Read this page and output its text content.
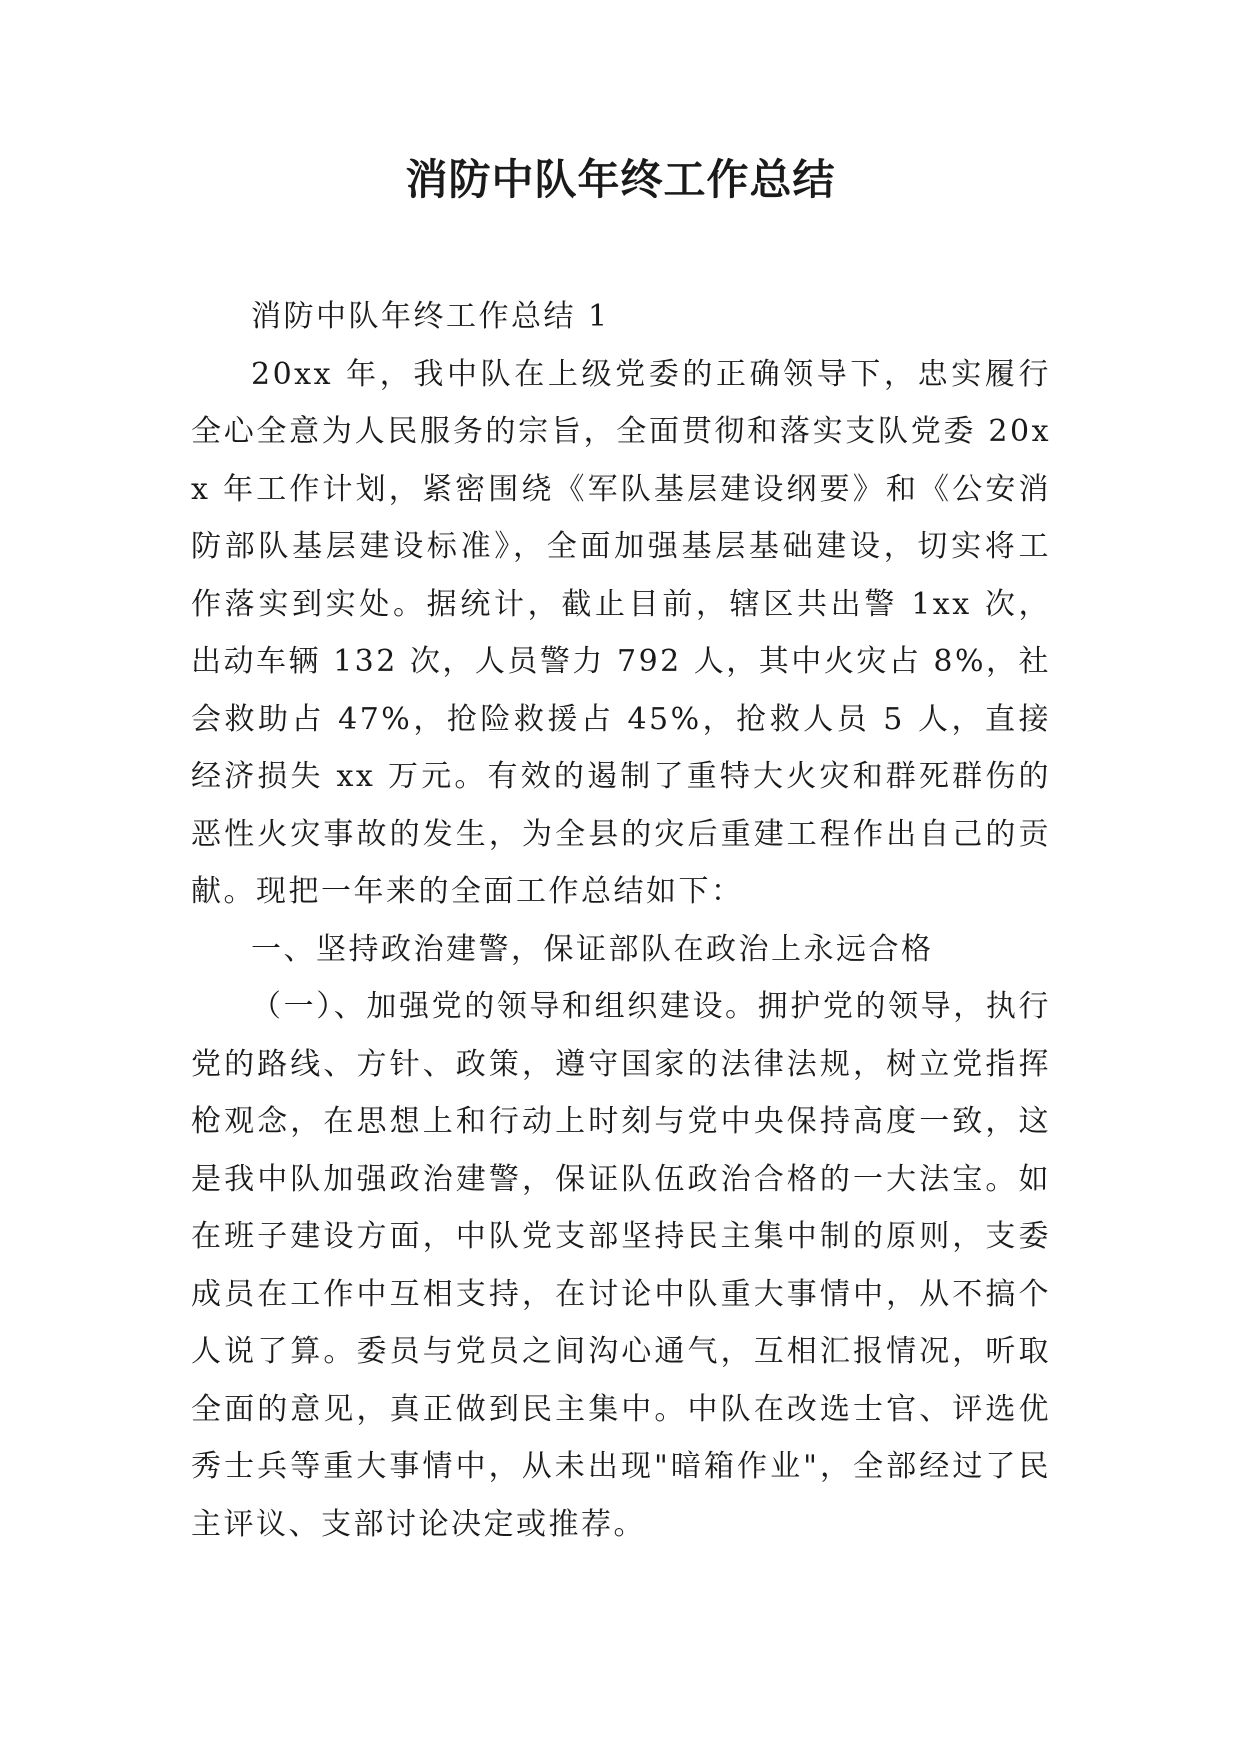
消防中队年终工作总结

消防中队年终工作总结 1

20xx 年，我中队在上级党委的正确领导下，忠实履行全心全意为人民服务的宗旨，全面贯彻和落实支队党委 20xx 年工作计划，紧密围绕《军队基层建设纲要》和《公安消防部队基层建设标准》，全面加强基层基础建设，切实将工作落实到实处。据统计，截止目前，辖区共出警 1xx 次，出动车辆 132 次，人员警力 792 人，其中火灾占 8%，社会救助占 47%，抢险救援占 45%，抢救人员 5 人，直接经济损失 xx 万元。有效的遏制了重特大火灾和群死群伤的恶性火灾事故的发生，为全县的灾后重建工程作出自己的贡献。现把一年来的全面工作总结如下：

一、坚持政治建警，保证部队在政治上永远合格

（一）、加强党的领导和组织建设。拥护党的领导，执行党的路线、方针、政策，遵守国家的法律法规，树立党指挥枪观念，在思想上和行动上时刻与党中央保持高度一致，这是我中队加强政治建警，保证队伍政治合格的一大法宝。如在班子建设方面，中队党支部坚持民主集中制的原则，支委成员在工作中互相支持，在讨论中队重大事情中，从不搞个人说了算。委员与党员之间沟心通气，互相汇报情况，听取全面的意见，真正做到民主集中。中队在改选士官、评选优秀士兵等重大事情中，从未出现"暗箱作业"，全部经过了民主评议、支部讨论决定或推荐。
